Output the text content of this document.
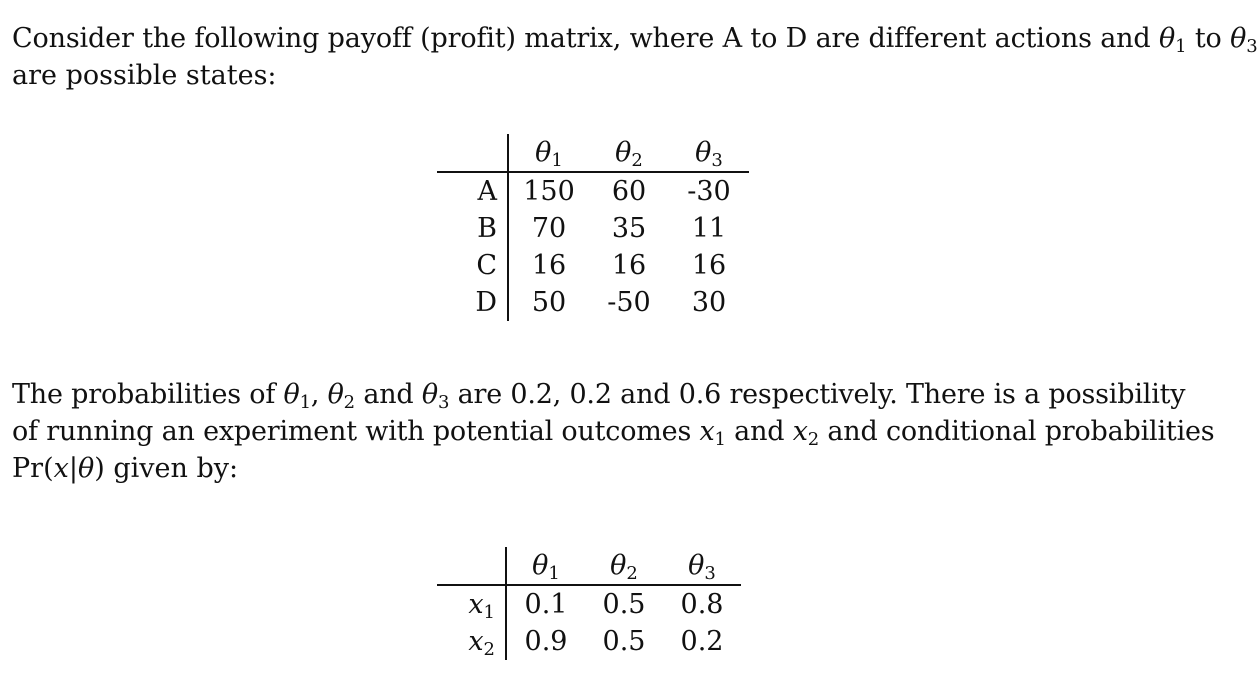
Consider the following payoff (profit) matrix, where A to D are different actions and $\theta_1$ to $\theta_3$
are possible states:
	$\theta_1$	$\theta_2$	$\theta_3$
A	150	60	-30
B	70	35	11
C	16	16	16
D	50	-50	30
The probabilities of $\theta_1$, $\theta_2$ and $\theta_3$ are 0.2, 0.2 and 0.6 respectively. There is a possibility
of running an experiment with potential outcomes $x_1$ and $x_2$ and conditional probabilities
Pr(x|θ) given by:
	$\theta_1$	$\theta_2$	$\theta_3$
$x_1$	0.1	0.5	0.8
$x_2$	0.9	0.5	0.2
